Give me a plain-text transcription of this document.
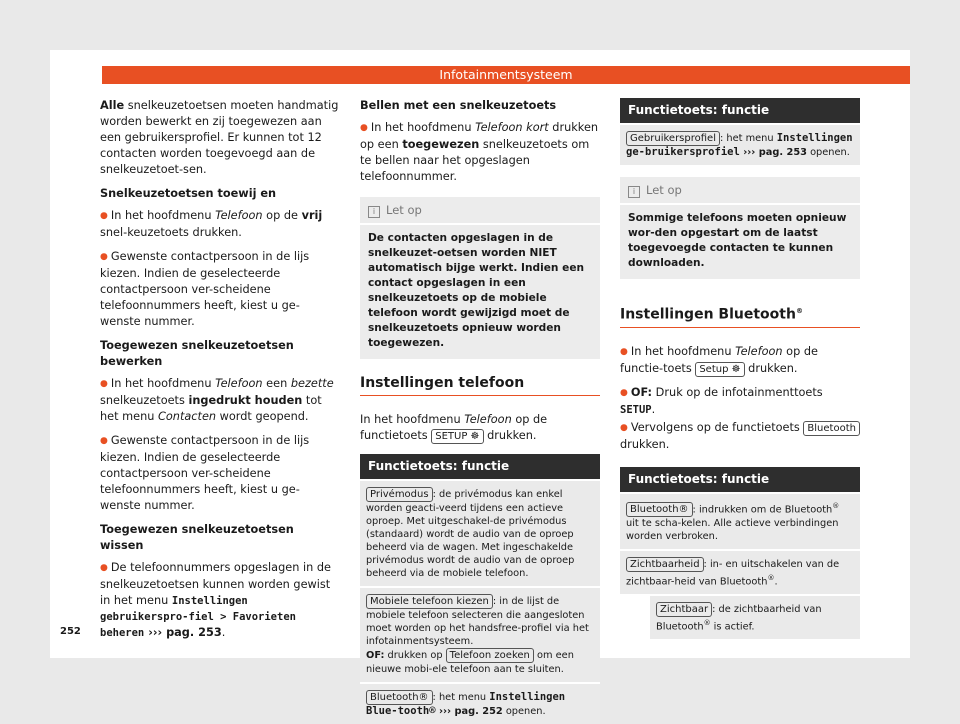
Infotainmentsysteem

Alle snelkeuzetoetsen moeten handmatig worden bewerkt en zij toegewezen aan een gebruikersprofiel. Er kunnen tot 12 contacten worden toegevoegd aan de snelkeuzetoet-sen.

Snelkeuzetoetsen toewij en

● In het hoofdmenu Telefoon op de vrij snel-keuzetoets drukken.

● Gewenste contactpersoon in de lijs kiezen. Indien de geselecteerde contactpersoon ver-scheidene telefoonnummers heeft, kiest u ge-wenste nummer.

Toegewezen snelkeuzetoetsen bewerken

● In het hoofdmenu Telefoon een bezette snelkeuzetoets ingedrukt houden tot het menu Contacten wordt geopend.

● Gewenste contactpersoon in de lijs kiezen. Indien de geselecteerde contactpersoon ver-scheidene telefoonnummers heeft, kiest u ge-wenste nummer.

Toegewezen snelkeuzetoetsen wissen

● De telefoonnummers opgeslagen in de snelkeuzetoetsen kunnen worden gewist in het menu Instellingen gebruikerspro-fiel > Favorieten beheren ››› pag. 253.

Bellen met een snelkeuzetoets

● In het hoofdmenu Telefoon kort drukken op een toegewezen snelkeuzetoets om te bellen naar het opgeslagen telefoonnummer.

i Let op
De contacten opgeslagen in de snelkeuzet-oetsen worden NIET automatisch bijge werkt. Indien een contact opgeslagen in een snelkeuzetoets op de mobiele telefoon wordt gewijzigd moet de snelkeuzetoets opnieuw worden toegewezen.
Instellingen telefoon

In het hoofdmenu Telefoon op de functietoets SETUP ☸ drukken.

Functietoets: functie
Privémodus : de privémodus kan enkel worden geacti-veerd tijdens een actieve oproep. Met uitgeschakel-de privémodus (standaard) wordt de audio van de oproep beheerd via de wagen. Met ingeschakelde privémodus wordt de audio van de oproep beheerd via de mobiele telefoon.
Mobiele telefoon kiezen : in de lijst de mobiele telefoon selecteren die aangesloten moet worden op het handsfree-profiel via het infotainmentsysteem.
OF: drukken op Telefoon zoeken om een nieuwe mobi-ele telefoon aan te sluiten.
Bluetooth® : het menu Instellingen Blue-tooth® ››› pag. 252 openen.
Functietoets: functie
Gebruikersprofiel : het menu Instellingen ge-bruikersprofiel ››› pag. 253 openen.
i Let op
Sommige telefoons moeten opnieuw wor-den opgestart om de laatst toegevoegde contacten te kunnen downloaden.
Instellingen Bluetooth®

● In het hoofdmenu Telefoon op de functie-toets Setup ☸ drukken.

● OF: Druk op de infotainmenttoets SETUP.

● Vervolgens op de functietoets Bluetooth drukken.

Functietoets: functie
Bluetooth® : indrukken om de Bluetooth® uit te scha-kelen. Alle actieve verbindingen worden verbroken.
Zichtbaarheid : in- en uitschakelen van de zichtbaar-heid van Bluetooth®.
Zichtbaar : de zichtbaarheid van Bluetooth® is actief.
252
